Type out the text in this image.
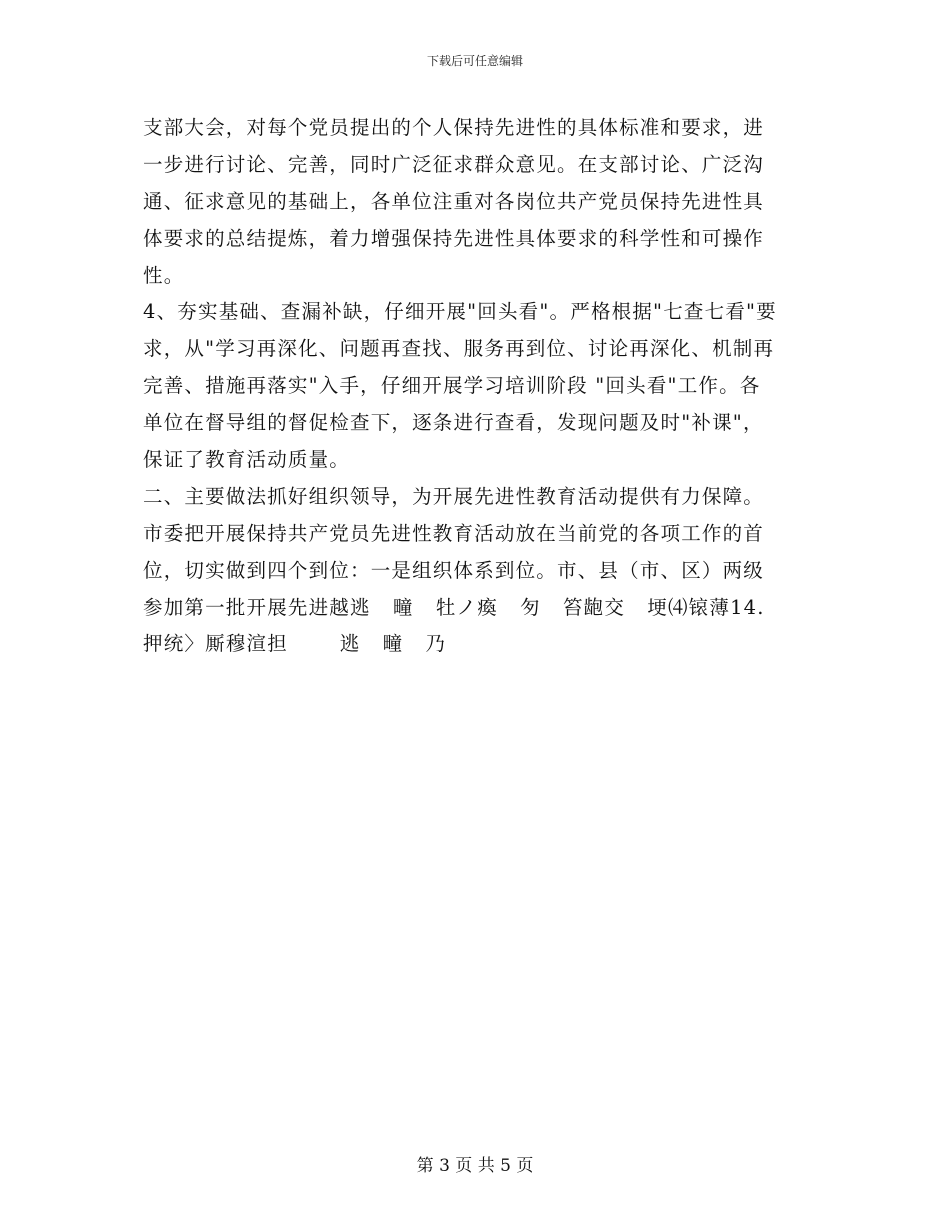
下载后可任意编辑
支部大会，对每个党员提出的个人保持先进性的具体标准和要求，进
一步进行讨论、完善，同时广泛征求群众意见。在支部讨论、广泛沟
通、征求意见的基础上，各单位注重对各岗位共产党员保持先进性具
体要求的总结提炼，着力增强保持先进性具体要求的科学性和可操作
性。
4、夯实基础、查漏补缺，仔细开展"回头看"。严格根据"七查七看"要
求，从"学习再深化、问题再查找、服务再到位、讨论再深化、机制再
完善、措施再落实"入手，仔细开展学习培训阶段 "回头看"工作。各
单位在督导组的督促检查下，逐条进行查看，发现问题及时"补课"，
保证了教育活动质量。
二、主要做法抓好组织领导，为开展先进性教育活动提供有力保障。
市委把开展保持共产党员先进性教育活动放在当前党的各项工作的首
位，切实做到四个到位：一是组织体系到位。市、县（市、区）两级
参加第一批开展先进越逃   疃   牡ノ瘓   匇   笞龅交   埂⑷锿薄14.
押统〉厮穆渲担       逃   疃   乃
第 3 页 共 5 页
